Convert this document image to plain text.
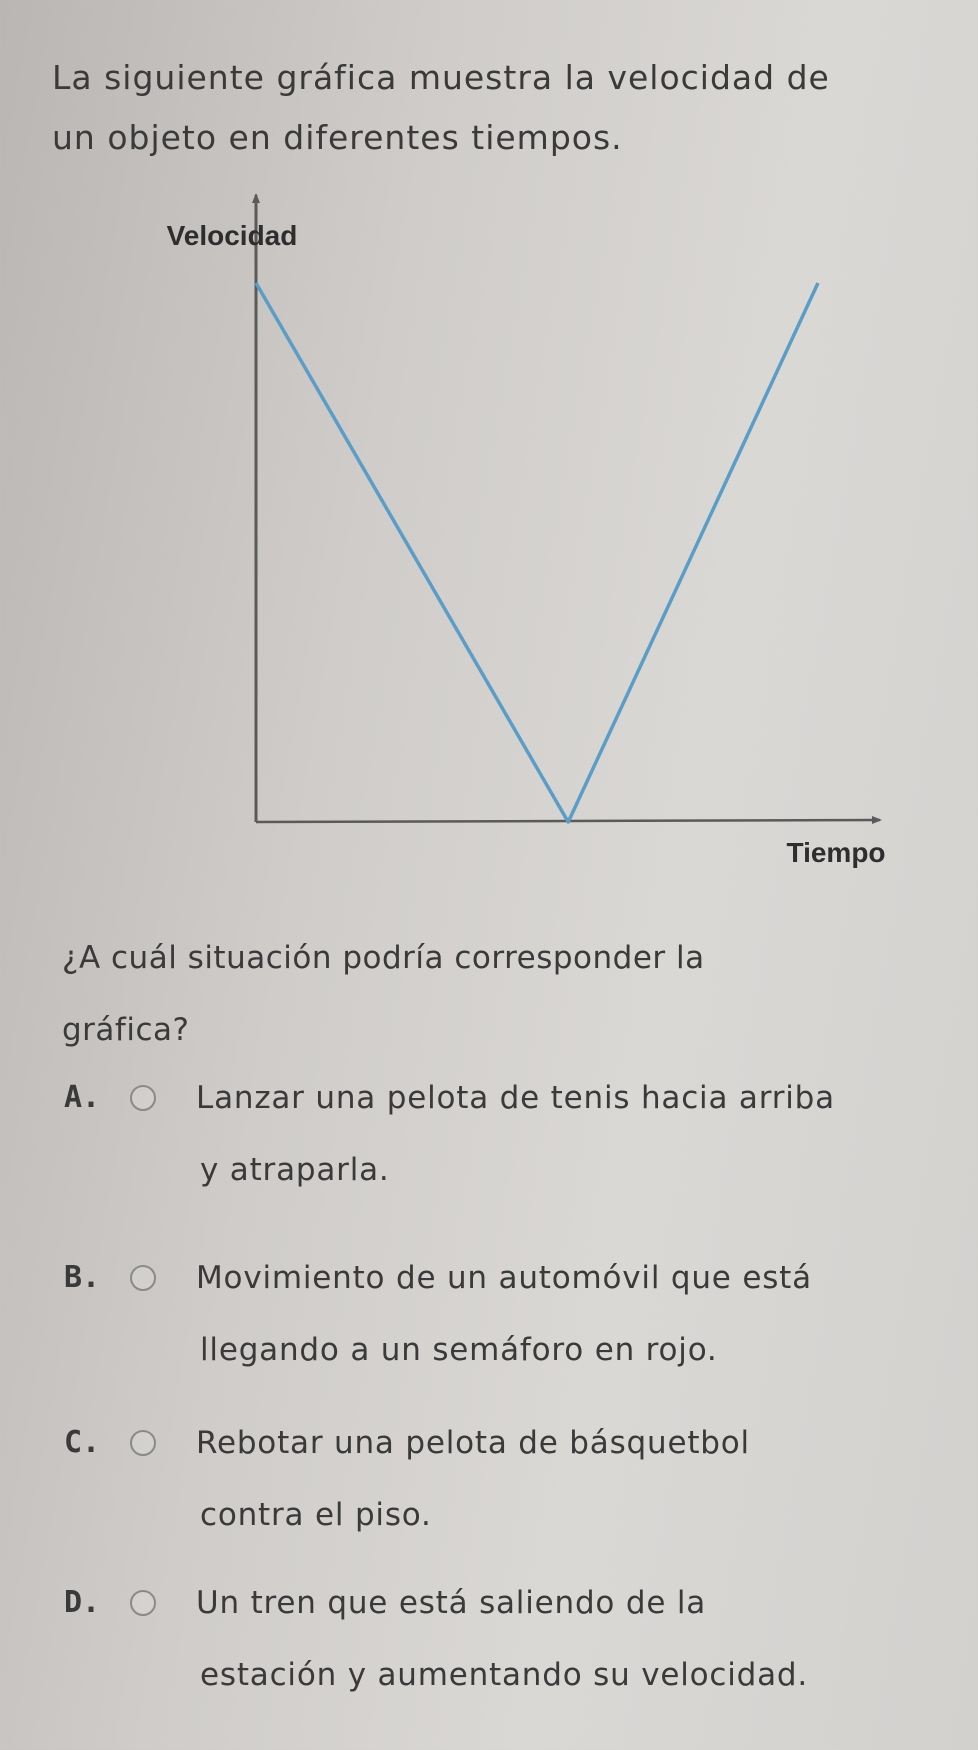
La siguiente gráfica muestra la velocidad de
un objeto en diferentes tiempos.
Velocidad
Tiempo
¿A cuál situación podría corresponder la
gráfica?
A.	Lanzar una pelota de tenis hacia arriba
y atraparla.
B.	Movimiento de un automóvil que está
llegando a un semáforo en rojo.
C.	Rebotar una pelota de básquetbol
contra el piso.
D.	Un tren que está saliendo de la
estación y aumentando su velocidad.
